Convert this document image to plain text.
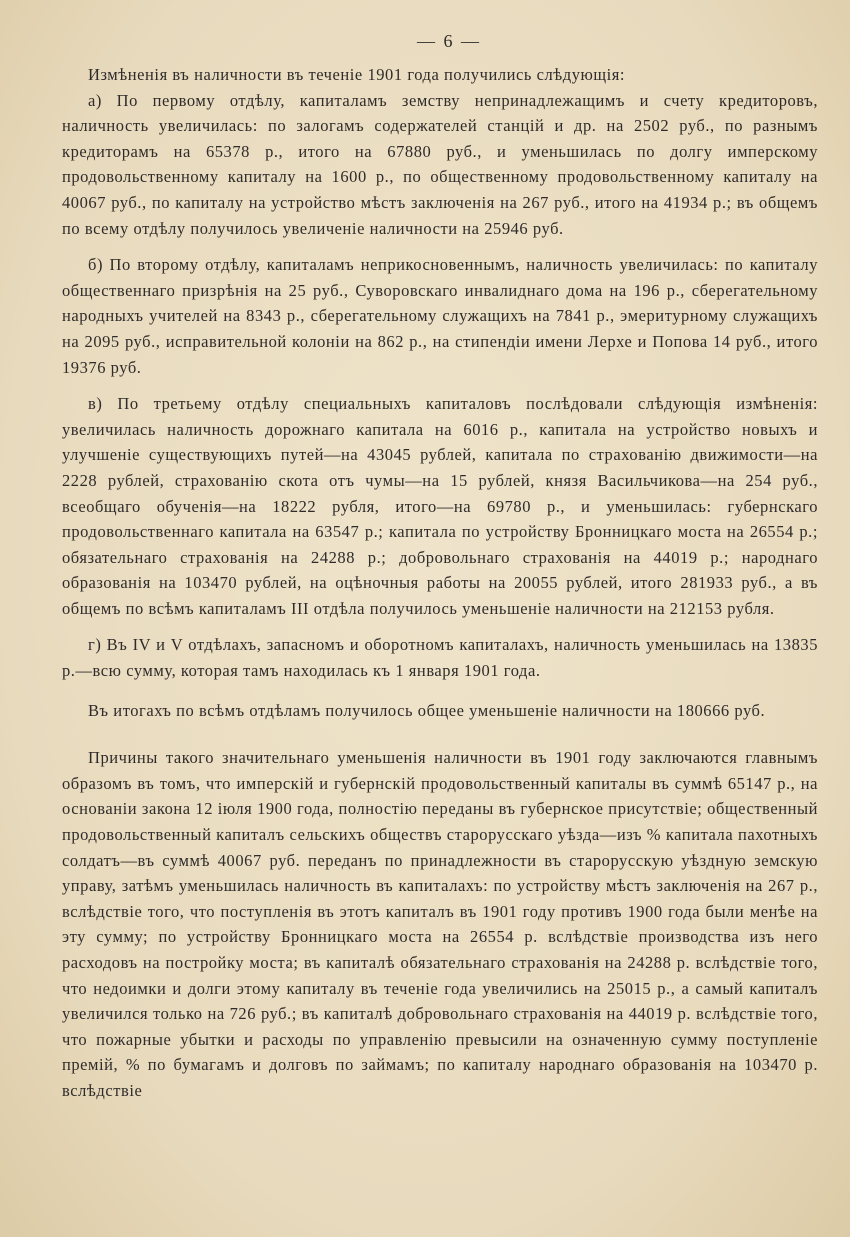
— 6 —

Измѣненія въ наличности въ теченіе 1901 года получились слѣдующія:

а) По первому отдѣлу, капиталамъ земству непринадлежащимъ и счету кредиторовъ, наличность увеличилась: по залогамъ содержателей станцій и др. на 2502 руб., по разнымъ кредиторамъ на 65378 р., итого на 67880 руб., и уменьшилась по долгу имперскому продовольственному капиталу на 1600 р., по общественному продовольственному капиталу на 40067 руб., по капиталу на устройство мѣстъ заключенія на 267 руб., итого на 41934 р.; въ общемъ по всему отдѣлу получилось увеличеніе наличности на 25946 руб.

б) По второму отдѣлу, капиталамъ неприкосновеннымъ, наличность увеличилась: по капиталу общественнаго призрѣнія на 25 руб., Суворовскаго инвалиднаго дома на 196 р., сберегательному народныхъ учителей на 8343 р., сберегательному служащихъ на 7841 р., эмеритурному служащихъ на 2095 руб., исправительной колоніи на 862 р., на стипендіи имени Лерхе и Попова 14 руб., итого 19376 руб.

в) По третьему отдѣлу специальныхъ капиталовъ послѣдовали слѣдующія измѣненія: увеличилась наличность дорожнаго капитала на 6016 р., капитала на устройство новыхъ и улучшеніе существующихъ путей—на 43045 рублей, капитала по страхованію движимости—на 2228 рублей, страхованію скота отъ чумы—на 15 рублей, князя Васильчикова—на 254 руб., всеобщаго обученія—на 18222 рубля, итого—на 69780 р., и уменьшилась: губернскаго продовольственнаго капитала на 63547 р.; капитала по устройству Бронницкаго моста на 26554 р.; обязательнаго страхованія на 24288 р.; добровольнаго страхованія на 44019 р.; народнаго образованія на 103470 рублей, на оцѣночныя работы на 20055 рублей, итого 281933 руб., а въ общемъ по всѣмъ капиталамъ III отдѣла получилось уменьшеніе наличности на 212153 рубля.

г) Въ IV и V отдѣлахъ, запасномъ и оборотномъ капиталахъ, наличность уменьшилась на 13835 р.—всю сумму, которая тамъ находилась къ 1 января 1901 года.

Въ итогахъ по всѣмъ отдѣламъ получилось общее уменьшеніе наличности на 180666 руб.

Причины такого значительнаго уменьшенія наличности въ 1901 году заключаются главнымъ образомъ въ томъ, что имперскій и губернскій продовольственный капиталы въ суммѣ 65147 р., на основаніи закона 12 іюля 1900 года, полностію переданы въ губернское присутствіе; общественный продовольственный капиталъ сельскихъ обществъ старорусскаго уѣзда—изъ % капитала пахотныхъ солдатъ—въ суммѣ 40067 руб. переданъ по принадлежности въ старорусскую уѣздную земскую управу, затѣмъ уменьшилась наличность въ капиталахъ: по устройству мѣстъ заключенія на 267 р., вслѣдствіе того, что поступленія въ этотъ капиталъ въ 1901 году противъ 1900 года были менѣе на эту сумму; по устройству Бронницкаго моста на 26554 р. вслѣдствіе производства изъ него расходовъ на постройку моста; въ капиталѣ обязательнаго страхованія на 24288 р. вслѣдствіе того, что недоимки и долги этому капиталу въ теченіе года увеличились на 25015 р., а самый капиталъ увеличился только на 726 руб.; въ капиталѣ добровольнаго страхованія на 44019 р. вслѣдствіе того, что пожарные убытки и расходы по управленію превысили на означенную сумму поступленіе премій, % по бумагамъ и долговъ по займамъ; по капиталу народнаго образованія на 103470 р. вслѣдствіе
